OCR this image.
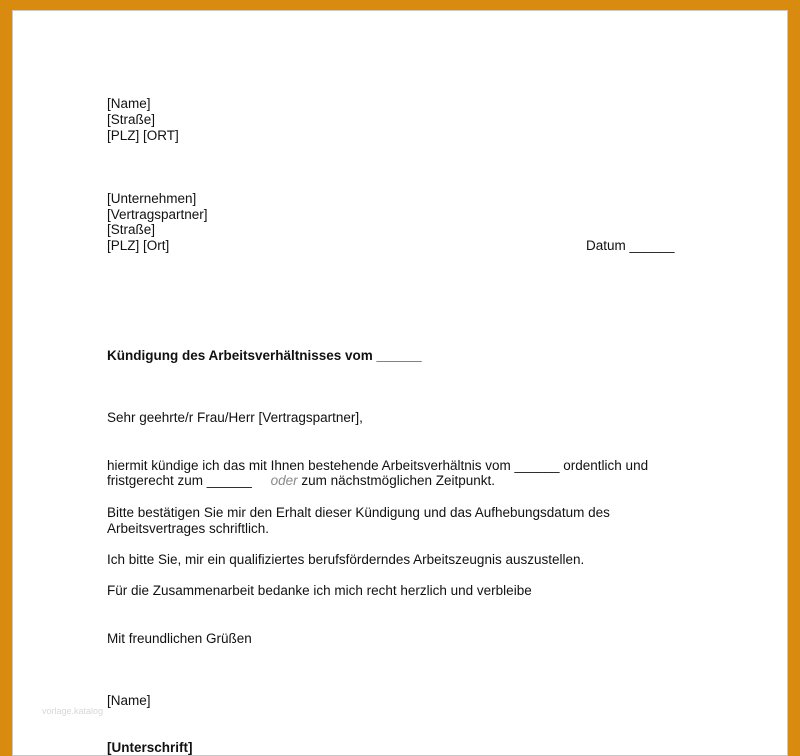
[Name]
[Straße]
[PLZ] [ORT]
[Unternehmen]
[Vertragspartner]
[Straße]
[PLZ] [Ort]	Datum ______
Kündigung des Arbeitsverhältnisses vom ______
Sehr geehrte/r Frau/Herr [Vertragspartner],
hiermit kündige ich das mit Ihnen bestehende Arbeitsverhältnis vom ______ ordentlich und
fristgerecht zum ______ oder zum nächstmöglichen Zeitpunkt.
Bitte bestätigen Sie mir den Erhalt dieser Kündigung und das Aufhebungsdatum des
Arbeitsvertrages schriftlich.
Ich bitte Sie, mir ein qualifiziertes berufsförderndes Arbeitszeugnis auszustellen.
Für die Zusammenarbeit bedanke ich mich recht herzlich und verbleibe
Mit freundlichen Grüßen
vorlage.katalog
[Name]
[Unterschrift]
